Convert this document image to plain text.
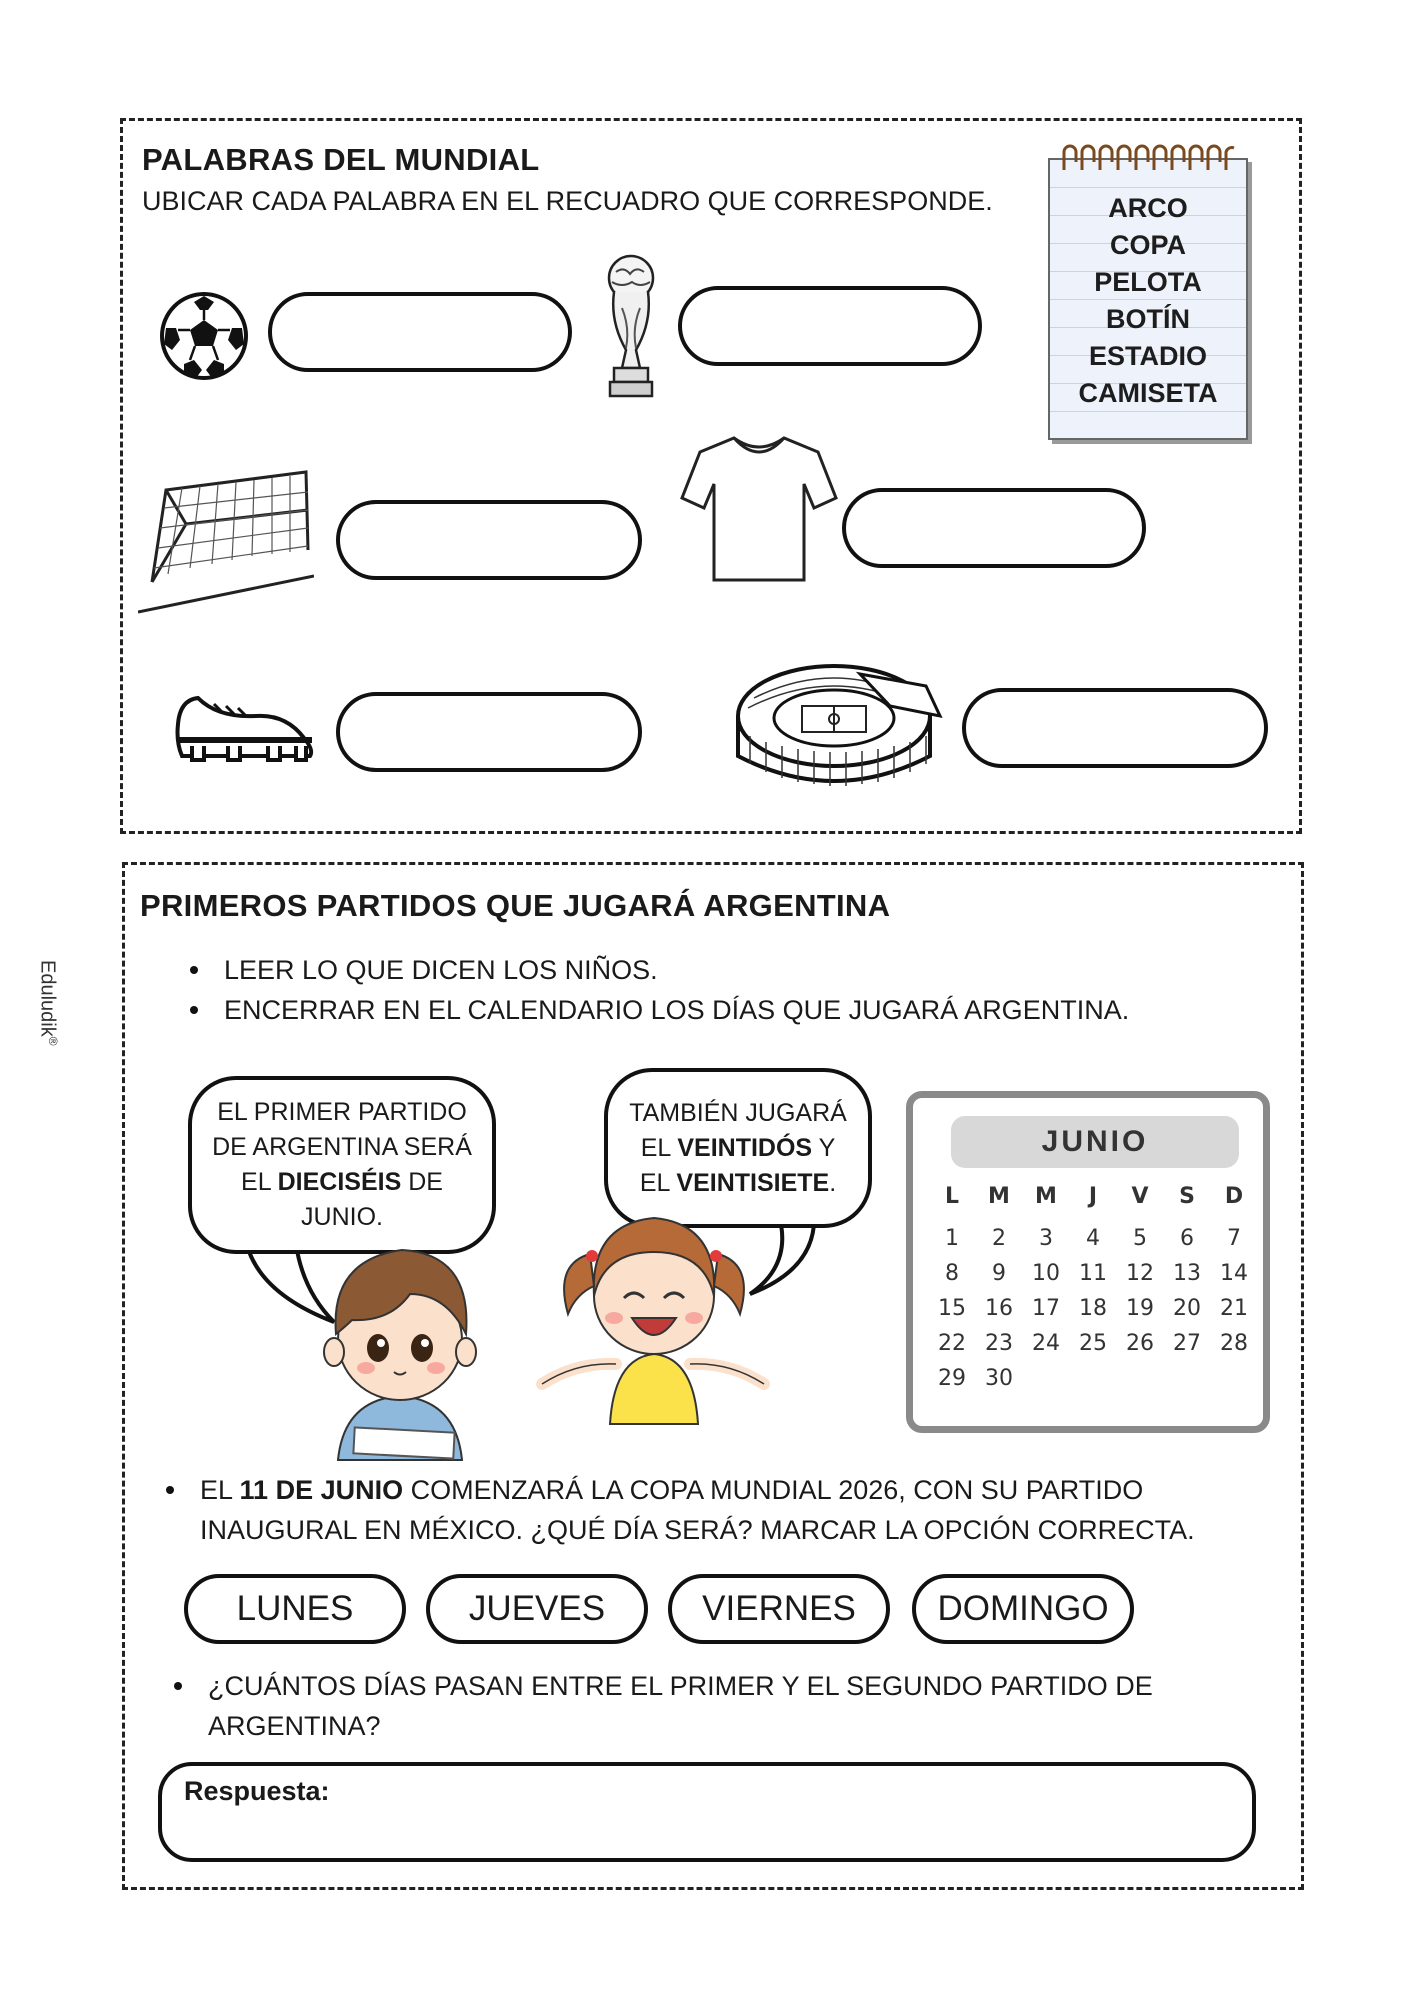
PALABRAS DEL MUNDIAL
UBICAR CADA PALABRA EN EL RECUADRO QUE CORRESPONDE.	ARCO
COPA
PELOTA
BOTÍN
ESTADIO
CAMISETA
PRIMEROS PARTIDOS QUE JUGARÁ ARGENTINA
LEER LO QUE DICEN LOS NIÑOS.
ENCERRAR EN EL CALENDARIO LOS DÍAS QUE JUGARÁ ARGENTINA.
EL PRIMER PARTIDO DE ARGENTINA SERÁ EL DIECISÉIS DE JUNIO.
TAMBIÉN JUGARÁ EL VEINTIDÓS Y EL VEINTISIETE.
JUNIO
L	M	M	J	V	S	D
1	2	3	4	5	6	7
8	9	10 11 12 13 14
15 16 17 18 19 20 21
22 23 24 25 26 27 28
29 30
EL 11 DE JUNIO COMENZARÁ LA COPA MUNDIAL 2026, CON SU PARTIDO INAUGURAL EN MÉXICO. ¿QUÉ DÍA SERÁ? MARCAR LA OPCIÓN CORRECTA.
LUNES	JUEVES	VIERNES	DOMINGO
¿CUÁNTOS DÍAS PASAN ENTRE EL PRIMER Y EL SEGUNDO PARTIDO DE ARGENTINA?
Respuesta:
Eduludik®
